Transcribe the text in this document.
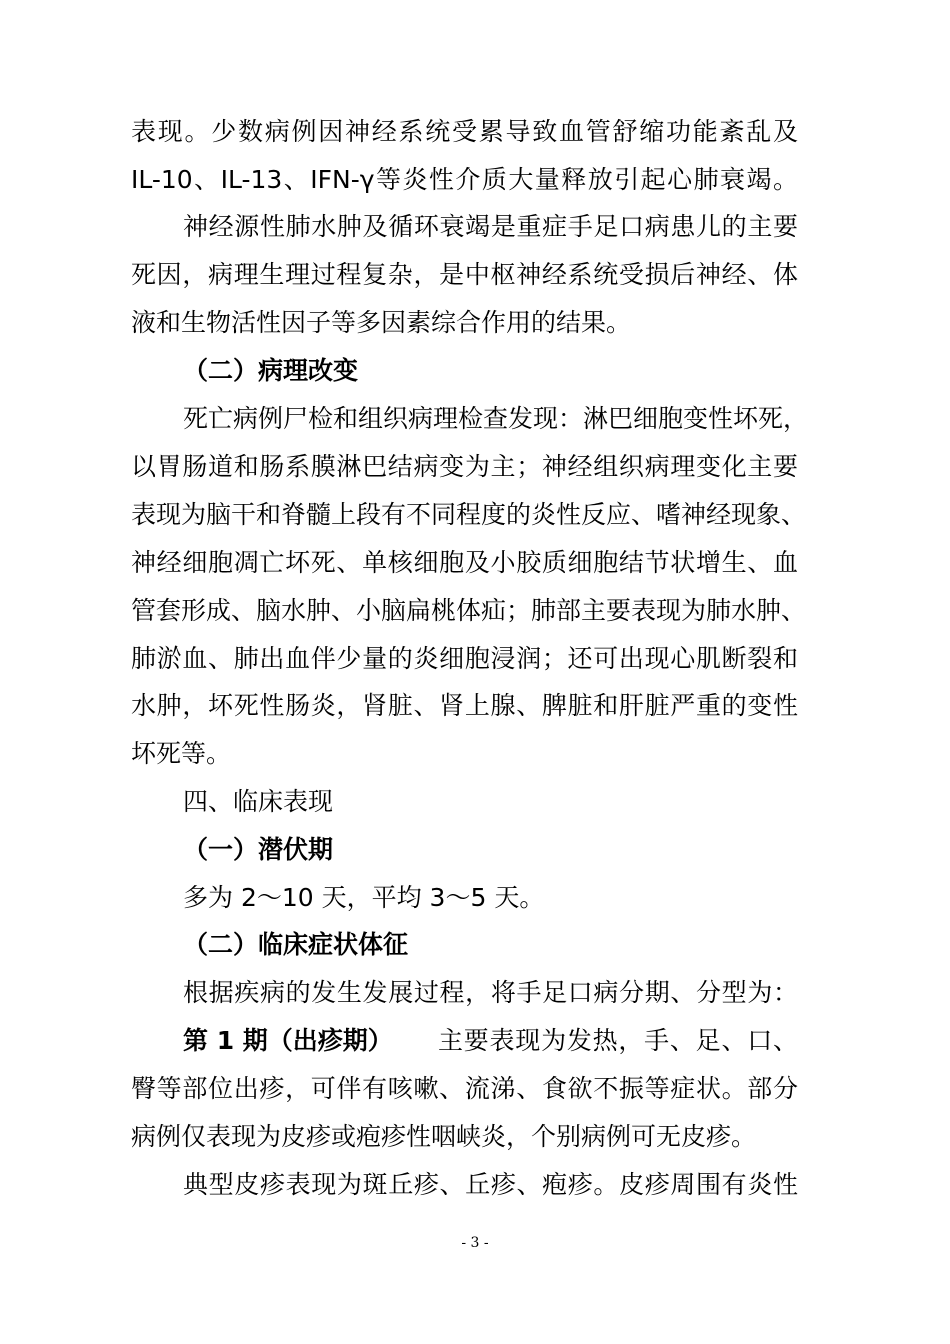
表现。少数病例因神经系统受累导致血管舒缩功能紊乱及
IL-10、IL-13、IFN-γ等炎性介质大量释放引起心肺衰竭。
神经源性肺水肿及循环衰竭是重症手足口病患儿的主要
死因，病理生理过程复杂，是中枢神经系统受损后神经、体
液和生物活性因子等多因素综合作用的结果。
（二）病理改变
死亡病例尸检和组织病理检查发现：淋巴细胞变性坏死，
以胃肠道和肠系膜淋巴结病变为主；神经组织病理变化主要
表现为脑干和脊髓上段有不同程度的炎性反应、嗜神经现象、
神经细胞凋亡坏死、单核细胞及小胶质细胞结节状增生、血
管套形成、脑水肿、小脑扁桃体疝；肺部主要表现为肺水肿、
肺淤血、肺出血伴少量的炎细胞浸润；还可出现心肌断裂和
水肿，坏死性肠炎，肾脏、肾上腺、脾脏和肝脏严重的变性
坏死等。
四、临床表现
（一）潜伏期
多为 2～10 天，平均 3～5 天。
（二）临床症状体征
根据疾病的发生发展过程，将手足口病分期、分型为：
第 1 期（出疹期） 主要表现为发热，手、足、口、
臀等部位出疹，可伴有咳嗽、流涕、食欲不振等症状。部分
病例仅表现为皮疹或疱疹性咽峡炎，个别病例可无皮疹。
典型皮疹表现为斑丘疹、丘疹、疱疹。皮疹周围有炎性
- 3 -
